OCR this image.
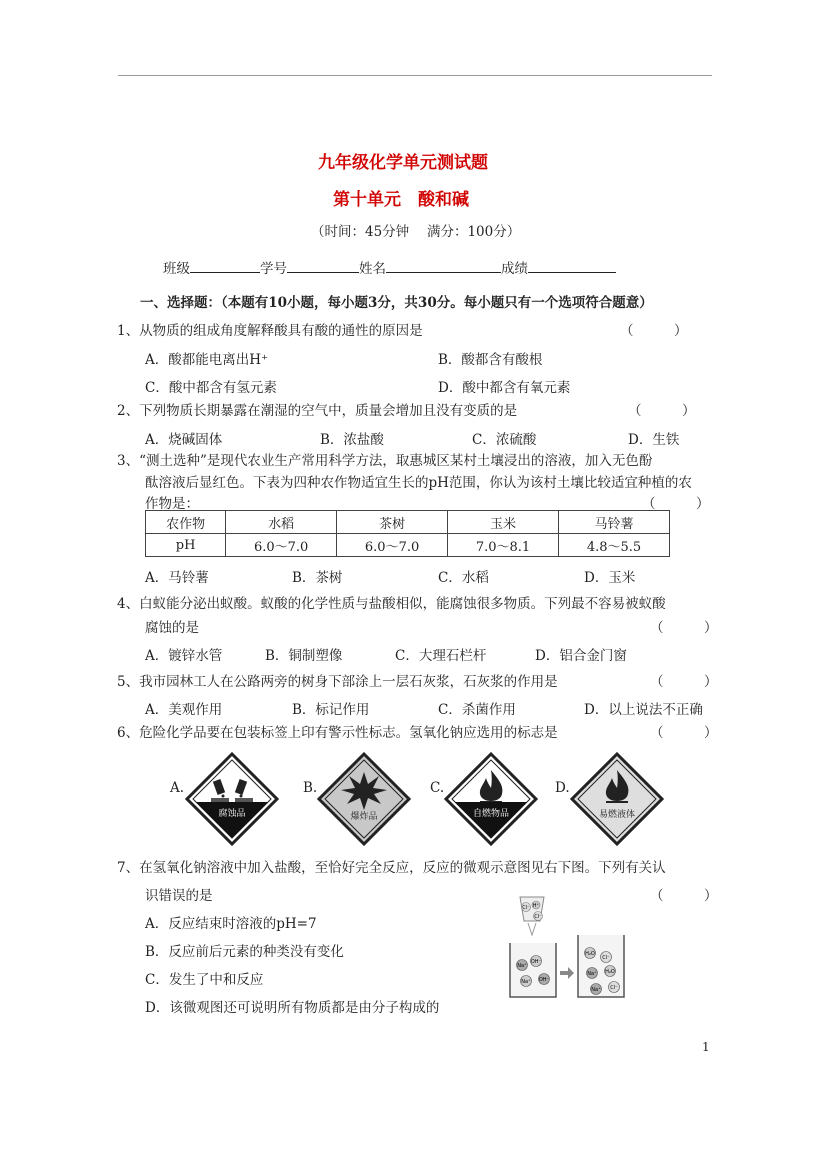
九年级化学单元测试题
第十单元　酸和碱
（时间：45分钟　 满分：100分）
班级	学号	姓名	成绩
一、选择题：（本题有10小题，每小题3分，共30分。每小题只有一个选项符合题意）
1、从物质的组成角度解释酸具有酸的通性的原因是	（　　　）
A．酸都能电离出H⁺	B．酸都含有酸根
C．酸中都含有氢元素	D．酸中都含有氧元素
2、下列物质长期暴露在潮湿的空气中，质量会增加且没有变质的是	（　　　）
A．烧碱固体	B．浓盐酸	C．浓硫酸	D．生铁
3、“测土选种”是现代农业生产常用科学方法，取惠城区某村土壤浸出的溶液，加入无色酚
酞溶液后显红色。下表为四种农作物适宜生长的pH范围，你认为该村土壤比较适宜种植的农
作物是：	（　　　）
农作物	水稻	茶树	玉米	马铃薯
pH	6.0～7.0	6.0～7.0	7.0～8.1	4.8～5.5
A．马铃薯	B．茶树	C．水稻	D．玉米
4、白蚁能分泌出蚁酸。蚁酸的化学性质与盐酸相似，能腐蚀很多物质。下列最不容易被蚁酸
腐蚀的是	（　　　）
A．镀锌水管	B．铜制塑像	C．大理石栏杆	D．铝合金门窗
5、我市园林工人在公路两旁的树身下部涂上一层石灰浆，石灰浆的作用是	（　　　）
A．美观作用	B．标记作用	C．杀菌作用	D．以上说法不正确
6、危险化学品要在包装标签上印有警示性标志。氢氧化钠应选用的标志是	（　　　）
A.
腐蚀品
B.
爆炸品
C.
自燃物品
D.
易燃液体
7、在氢氧化钠溶液中加入盐酸，至恰好完全反应，反应的微观示意图见右下图。下列有关认
识错误的是	（　　　）
A．反应结束时溶液的pH=7
B．反应前后元素的种类没有变化
C．发生了中和反应
D．该微观图还可说明所有物质都是由分子构成的
Cl⁻ H⁺
Cl⁻
Na⁺
OH⁻
Na⁺ OH⁻
H₂O
Cl⁻
Na⁺ H₂O
Na⁺ Cl⁻
1
